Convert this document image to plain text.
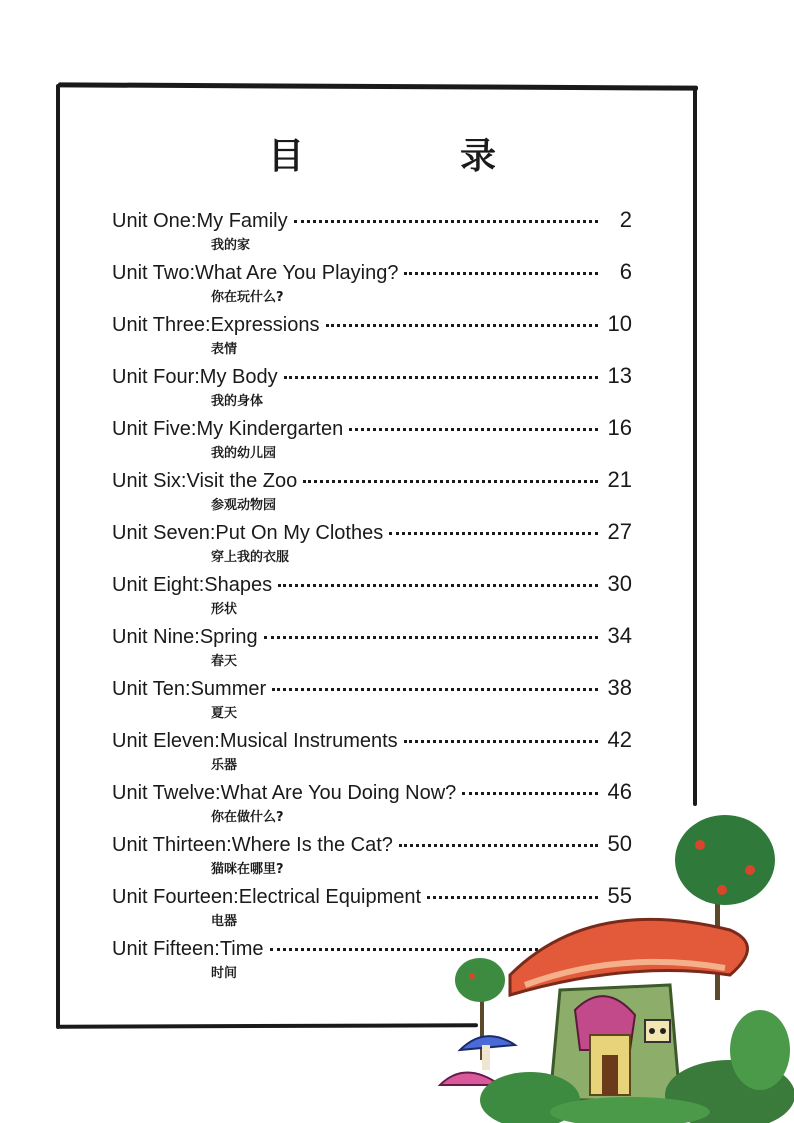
目　录
Unit One:My Family	2
我的家
Unit Two:What Are You Playing?	6
你在玩什么?
Unit Three:Expressions	10
表情
Unit Four:My Body	13
我的身体
Unit Five:My Kindergarten	16
我的幼儿园
Unit Six:Visit the Zoo	21
参观动物园
Unit Seven:Put On My Clothes	27
穿上我的衣服
Unit Eight:Shapes	30
形状
Unit Nine:Spring	34
春天
Unit Ten:Summer	38
夏天
Unit Eleven:Musical Instruments	42
乐器
Unit Twelve:What Are You Doing Now?	46
你在做什么?
Unit Thirteen:Where Is the Cat?	50
猫咪在哪里?
Unit Fourteen:Electrical Equipment	55
电器
Unit Fifteen:Time
时间
